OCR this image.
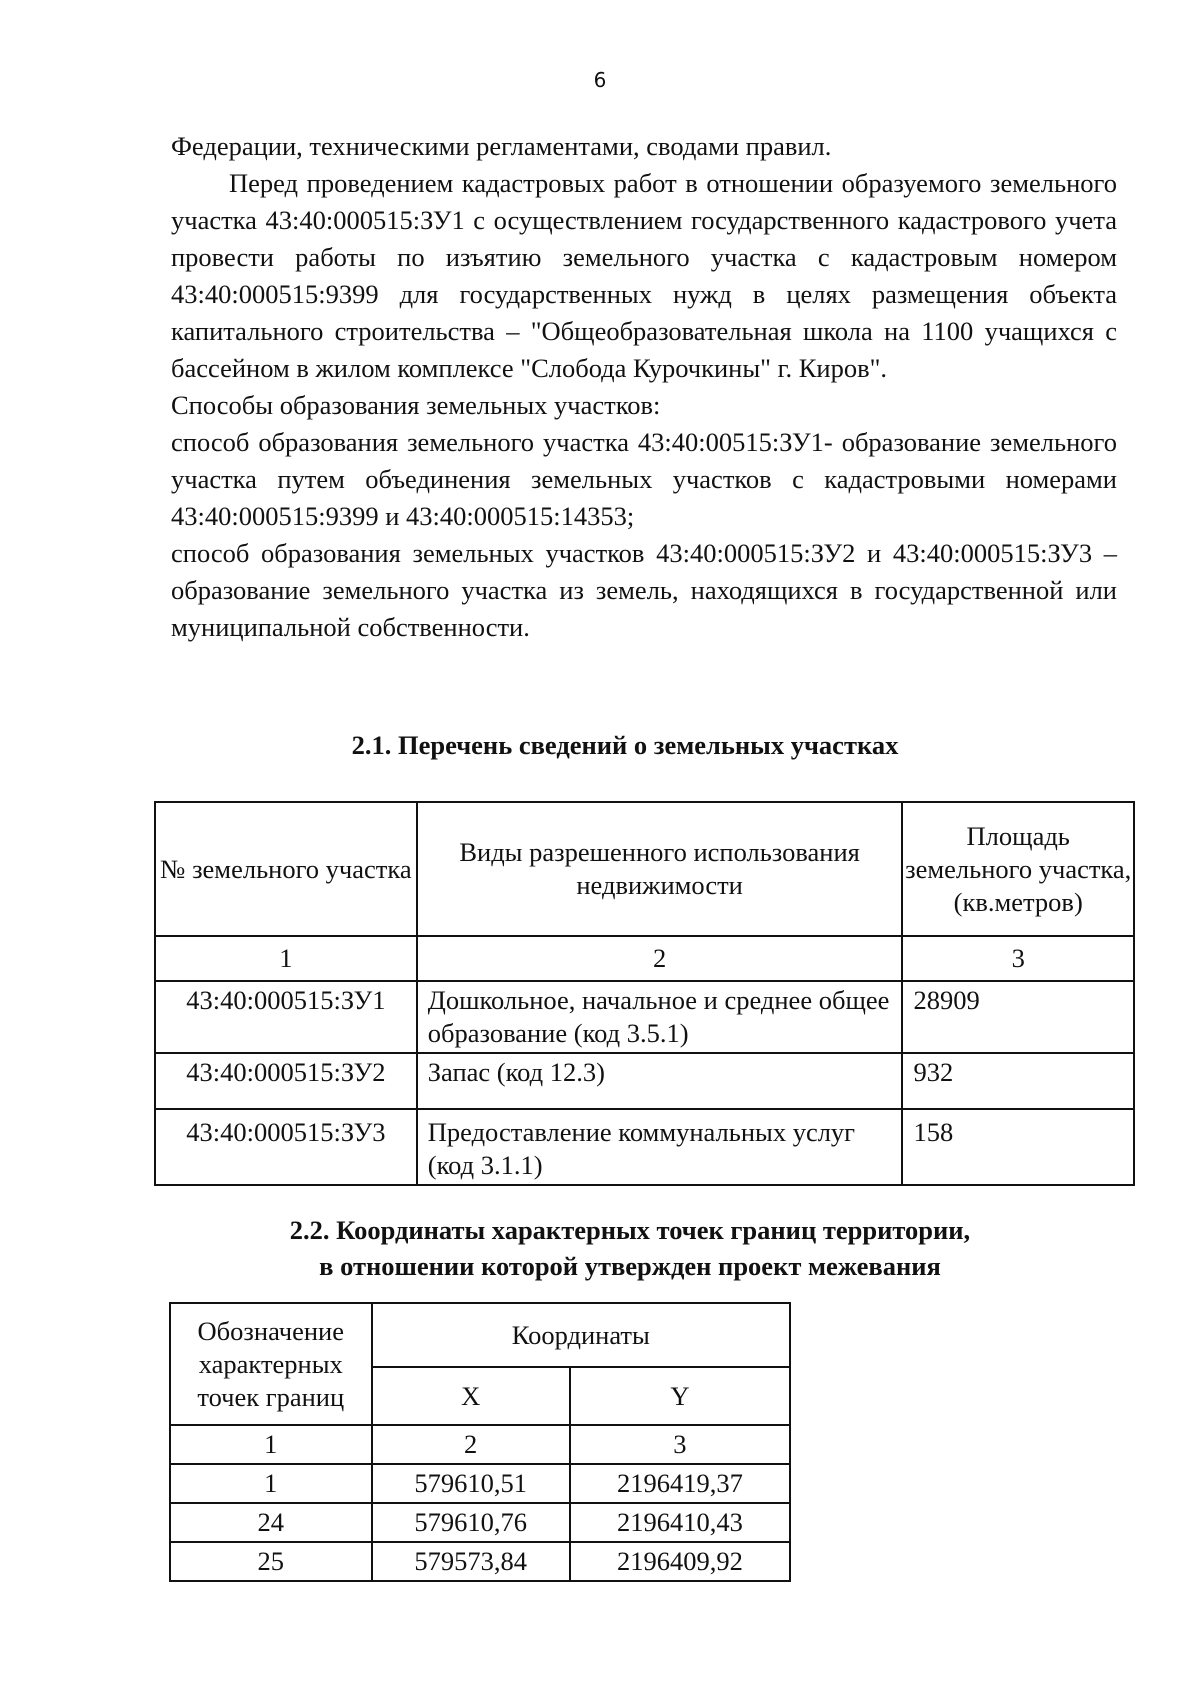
6

Федерации, техническими регламентами, сводами правил.

Перед проведением кадастровых работ в отношении образуемого земельного участка 43:40:000515:ЗУ1 с осуществлением государственного кадастрового учета провести работы по изъятию земельного участка с кадастровым номером 43:40:000515:9399 для государственных нужд в целях размещения объекта капитального строительства – "Общеобразовательная школа на 1100 учащихся с бассейном в жилом комплексе "Слобода Курочкины" г. Киров".

Способы образования земельных участков:

способ образования земельного участка 43:40:00515:ЗУ1- образование земельного участка путем объединения земельных участков с кадастровыми номерами 43:40:000515:9399 и 43:40:000515:14353;

способ образования земельных участков 43:40:000515:ЗУ2 и 43:40:000515:ЗУ3 – образование земельного участка из земель, находящихся в государственной или муниципальной собственности.

2.1. Перечень сведений о земельных участках
№ земельного участка	Виды разрешенного использования недвижимости	Площадь земельного участка, (кв.метров)
1	2	3
43:40:000515:ЗУ1	Дошкольное, начальное и среднее общее образование (код 3.5.1)	28909
43:40:000515:ЗУ2	Запас (код 12.3)	932
43:40:000515:ЗУ3	Предоставление коммунальных услуг (код 3.1.1)	158
2.2. Координаты характерных точек границ территории,
в отношении которой утвержден проект межевания
Обозначение характерных точек границ	Координаты	
	X	Y
1	2	3
1	579610,51	2196419,37
24	579610,76	2196410,43
25	579573,84	2196409,92
